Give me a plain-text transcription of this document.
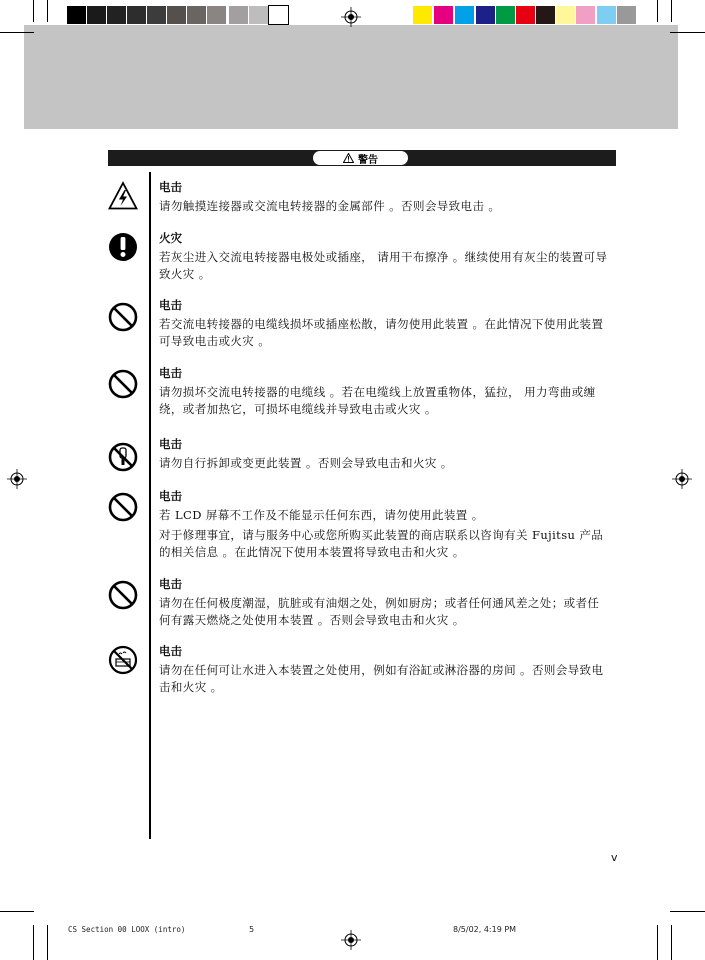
警告
电击

请勿触摸连接器或交流电转接器的金属部件 。否则会导致电击 。

火灾

若灰尘进入交流电转接器电极处或插座， 请用干布擦净 。继续使用有灰尘的装置可导致火灾 。

电击

若交流电转接器的电缆线损坏或插座松散，请勿使用此装置 。在此情况下使用此装置可导致电击或火灾 。

电击

请勿损坏交流电转接器的电缆线 。若在电缆线上放置重物体，猛拉， 用力弯曲或缠绕，或者加热它，可损坏电缆线并导致电击或火灾 。

电击

请勿自行拆卸或变更此装置 。否则会导致电击和火灾 。

电击

若 LCD 屏幕不工作及不能显示任何东西，请勿使用此装置 。

对于修理事宜，请与服务中心或您所购买此装置的商店联系以咨询有关 Fujitsu 产品的相关信息 。在此情况下使用本装置将导致电击和火灾 。

电击

请勿在任何极度潮湿，肮脏或有油烟之处，例如厨房；或者任何通风差之处；或者任何有露天燃烧之处使用本装置 。否则会导致电击和火灾 。

电击

请勿在任何可让水进入本装置之处使用，例如有浴缸或淋浴器的房间 。否则会导致电击和火灾 。

v
CS Section 00 LOOX (intro)	5	8/5/02, 4:19 PM
